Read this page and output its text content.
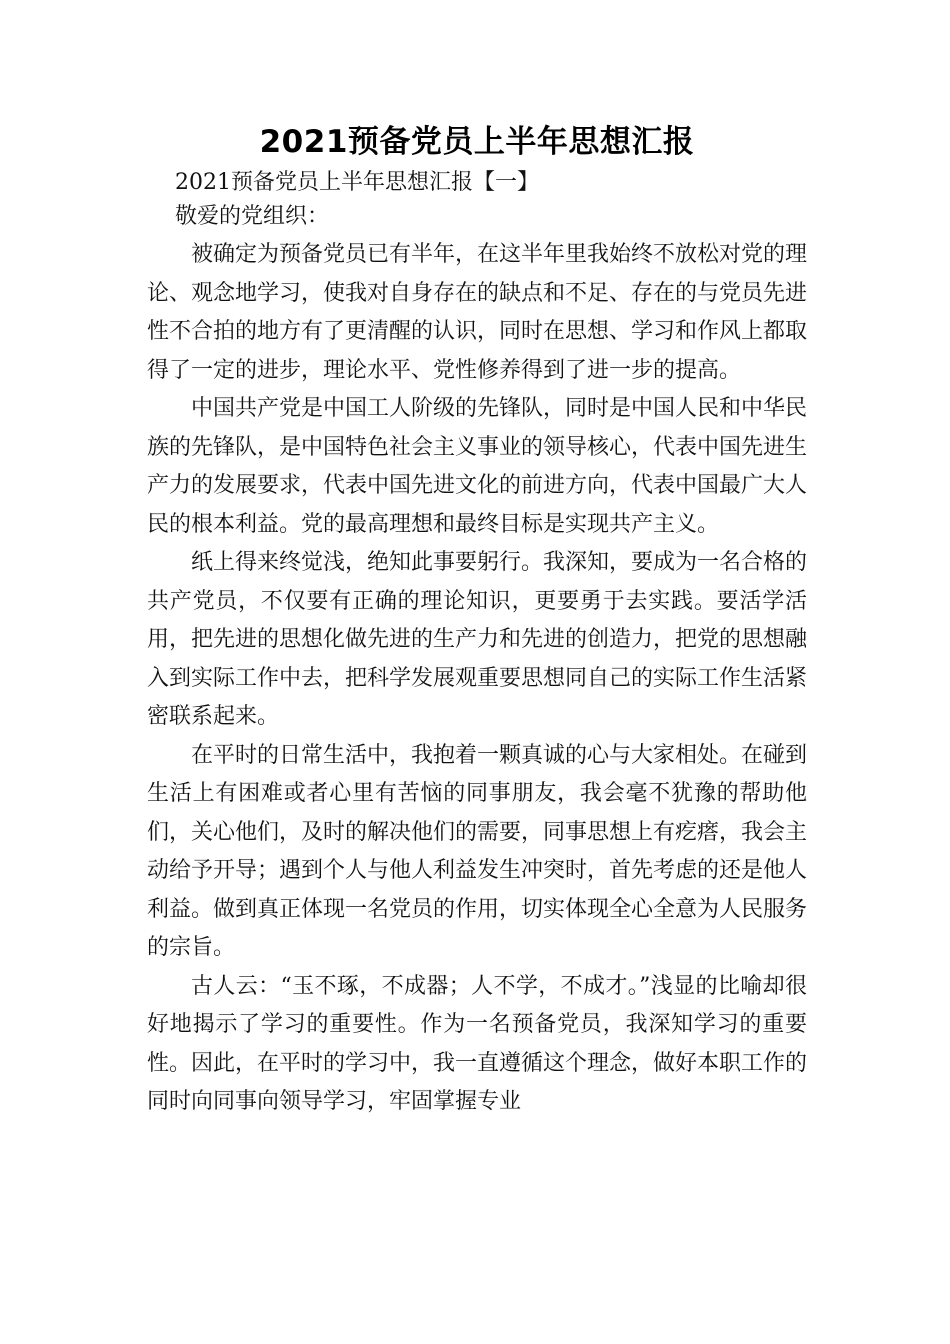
2021预备党员上半年思想汇报

2021预备党员上半年思想汇报【一】

敬爱的党组织：

被确定为预备党员已有半年，在这半年里我始终不放松对党的理论、观念地学习，使我对自身存在的缺点和不足、存在的与党员先进性不合拍的地方有了更清醒的认识，同时在思想、学习和作风上都取得了一定的进步，理论水平、党性修养得到了进一步的提高。

中国共产党是中国工人阶级的先锋队，同时是中国人民和中华民族的先锋队，是中国特色社会主义事业的领导核心，代表中国先进生产力的发展要求，代表中国先进文化的前进方向，代表中国最广大人民的根本利益。党的最高理想和最终目标是实现共产主义。

纸上得来终觉浅，绝知此事要躬行。我深知，要成为一名合格的共产党员，不仅要有正确的理论知识，更要勇于去实践。要活学活用，把先进的思想化做先进的生产力和先进的创造力，把党的思想融入到实际工作中去，把科学发展观重要思想同自己的实际工作生活紧密联系起来。

在平时的日常生活中，我抱着一颗真诚的心与大家相处。在碰到生活上有困难或者心里有苦恼的同事朋友，我会毫不犹豫的帮助他们，关心他们，及时的解决他们的需要，同事思想上有疙瘩，我会主动给予开导；遇到个人与他人利益发生冲突时，首先考虑的还是他人利益。做到真正体现一名党员的作用，切实体现全心全意为人民服务的宗旨。

古人云：“玉不琢，不成器；人不学，不成才。”浅显的比喻却很好地揭示了学习的重要性。作为一名预备党员，我深知学习的重要性。因此，在平时的学习中，我一直遵循这个理念，做好本职工作的同时向同事向领导学习，牢固掌握专业
